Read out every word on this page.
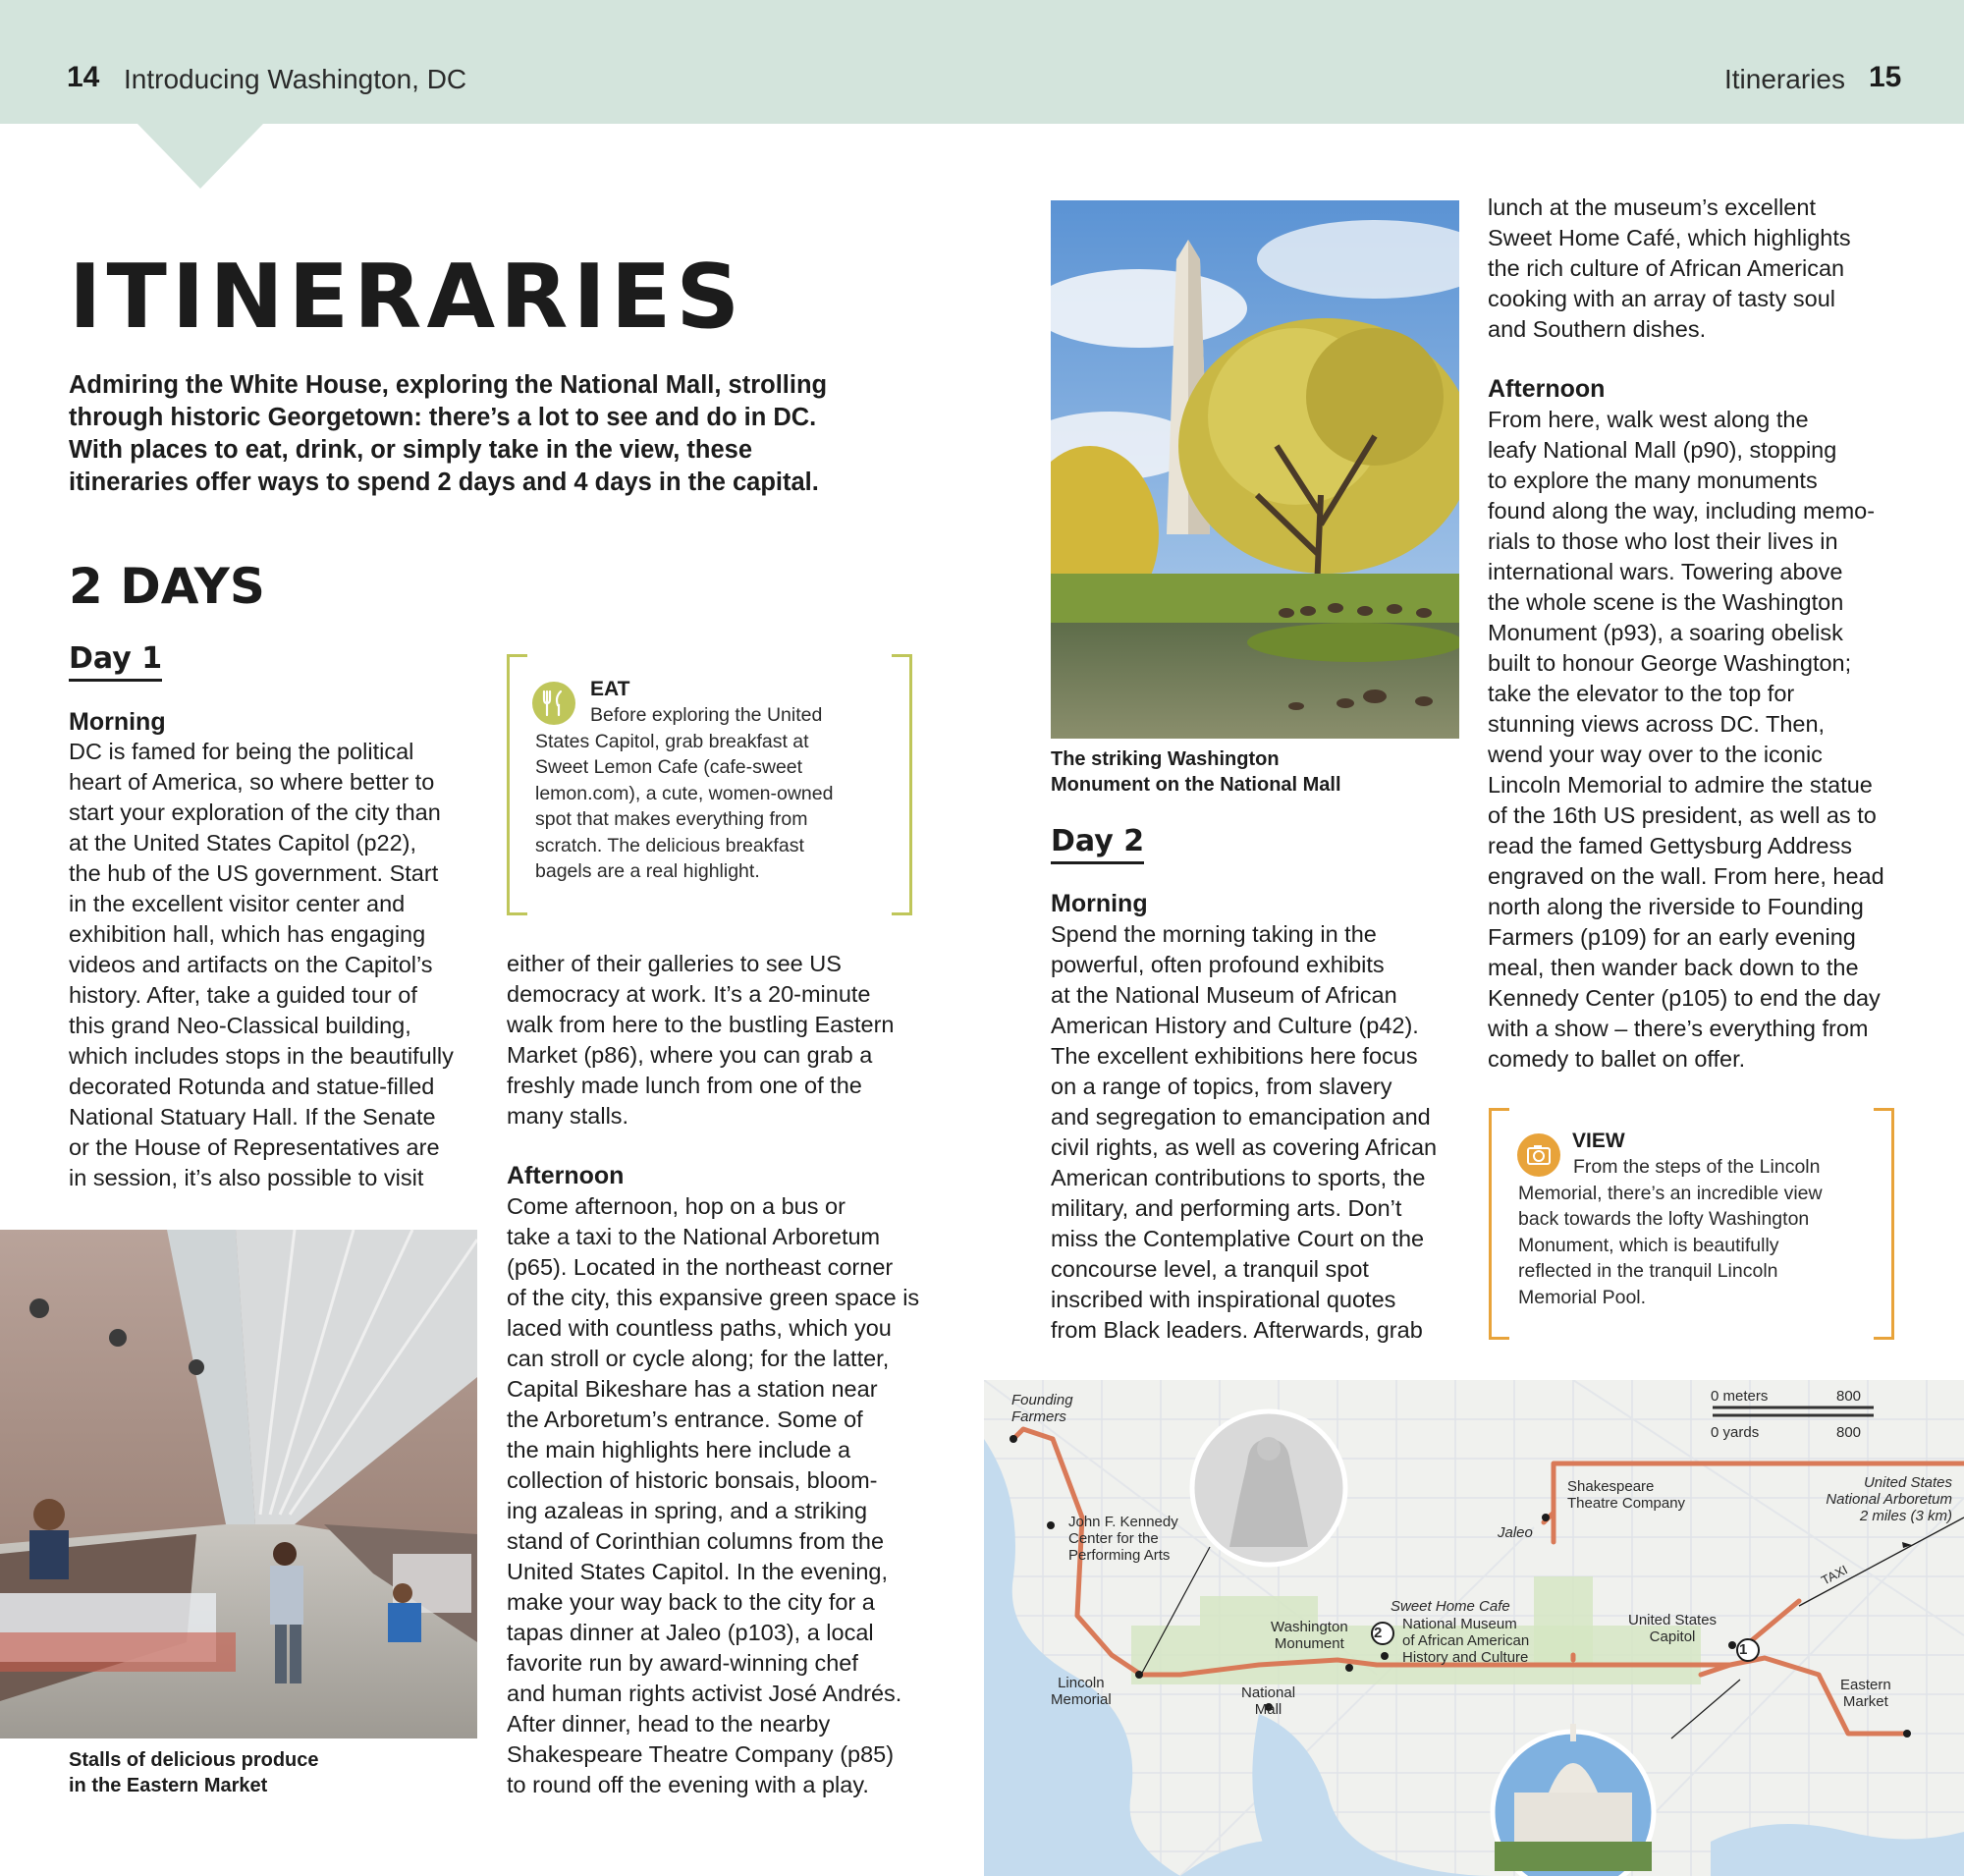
14 Introducing Washington, DC	Itineraries 15
ITINERARIES
Admiring the White House, exploring the National Mall, strolling
through historic Georgetown: there’s a lot to see and do in DC.
With places to eat, drink, or simply take in the view, these
itineraries offer ways to spend 2 days and 4 days in the capital.
2 DAYS
Day 1
Morning
DC is famed for being the political
heart of America, so where better to
start your exploration of the city than
at the United States Capitol (p22),
the hub of the US government. Start
in the excellent visitor center and
exhibition hall, which has engaging
videos and artifacts on the Capitol’s
history. After, take a guided tour of
this grand Neo-Classical building,
which includes stops in the beautifully
decorated Rotunda and statue-filled
National Statuary Hall. If the Senate
or the House of Representatives are
in session, it’s also possible to visit
EAT
Before exploring the United
States Capitol, grab breakfast at
Sweet Lemon Cafe (cafe-sweet
lemon.com), a cute, women-owned
spot that makes everything from
scratch. The delicious breakfast
bagels are a real highlight.
either of their galleries to see US
democracy at work. It’s a 20-minute
walk from here to the bustling Eastern
Market (p86), where you can grab a
freshly made lunch from one of the
many stalls.
Afternoon
Come afternoon, hop on a bus or
take a taxi to the National Arboretum
(p65). Located in the northeast corner
of the city, this expansive green space is
laced with countless paths, which you
can stroll or cycle along; for the latter,
Capital Bikeshare has a station near
the Arboretum’s entrance. Some of
the main highlights here include a
collection of historic bonsais, bloom-
ing azaleas in spring, and a striking
stand of Corinthian columns from the
United States Capitol. In the evening,
make your way back to the city for a
tapas dinner at Jaleo (p103), a local
favorite run by award-winning chef
and human rights activist José Andrés.
After dinner, head to the nearby
Shakespeare Theatre Company (p85)
to round off the evening with a play.
Stalls of delicious produce
in the Eastern Market
The striking Washington
Monument on the National Mall
Day 2
Morning
Spend the morning taking in the
powerful, often profound exhibits
at the National Museum of African
American History and Culture (p42).
The excellent exhibitions here focus
on a range of topics, from slavery
and segregation to emancipation and
civil rights, as well as covering African
American contributions to sports, the
military, and performing arts. Don’t
miss the Contemplative Court on the
concourse level, a tranquil spot
inscribed with inspirational quotes
from Black leaders. Afterwards, grab
lunch at the museum’s excellent
Sweet Home Café, which highlights
the rich culture of African American
cooking with an array of tasty soul
and Southern dishes.
Afternoon
From here, walk west along the
leafy National Mall (p90), stopping
to explore the many monuments
found along the way, including memo-
rials to those who lost their lives in
international wars. Towering above
the whole scene is the Washington
Monument (p93), a soaring obelisk
built to honour George Washington;
take the elevator to the top for
stunning views across DC. Then,
wend your way over to the iconic
Lincoln Memorial to admire the statue
of the 16th US president, as well as to
read the famed Gettysburg Address
engraved on the wall. From here, head
north along the riverside to Founding
Farmers (p109) for an early evening
meal, then wander back down to the
Kennedy Center (p105) to end the day
with a show – there’s everything from
comedy to ballet on offer.
VIEW
From the steps of the Lincoln
Memorial, there’s an incredible view
back towards the lofty Washington
Monument, which is beautifully
reflected in the tranquil Lincoln
Memorial Pool.
2
1
0 meters	800
0 yards	800
Founding
Farmers
John F. Kennedy
Center for the
Performing Arts
Lincoln
Memorial
Washington
Monument
National
Mall
Sweet Home Cafe
National Museum
of African American
History and Culture
Shakespeare
Theatre Company
Jaleo
United States
Capitol
Eastern
Market
United States
National Arboretum
2 miles (3 km)
TAXI
